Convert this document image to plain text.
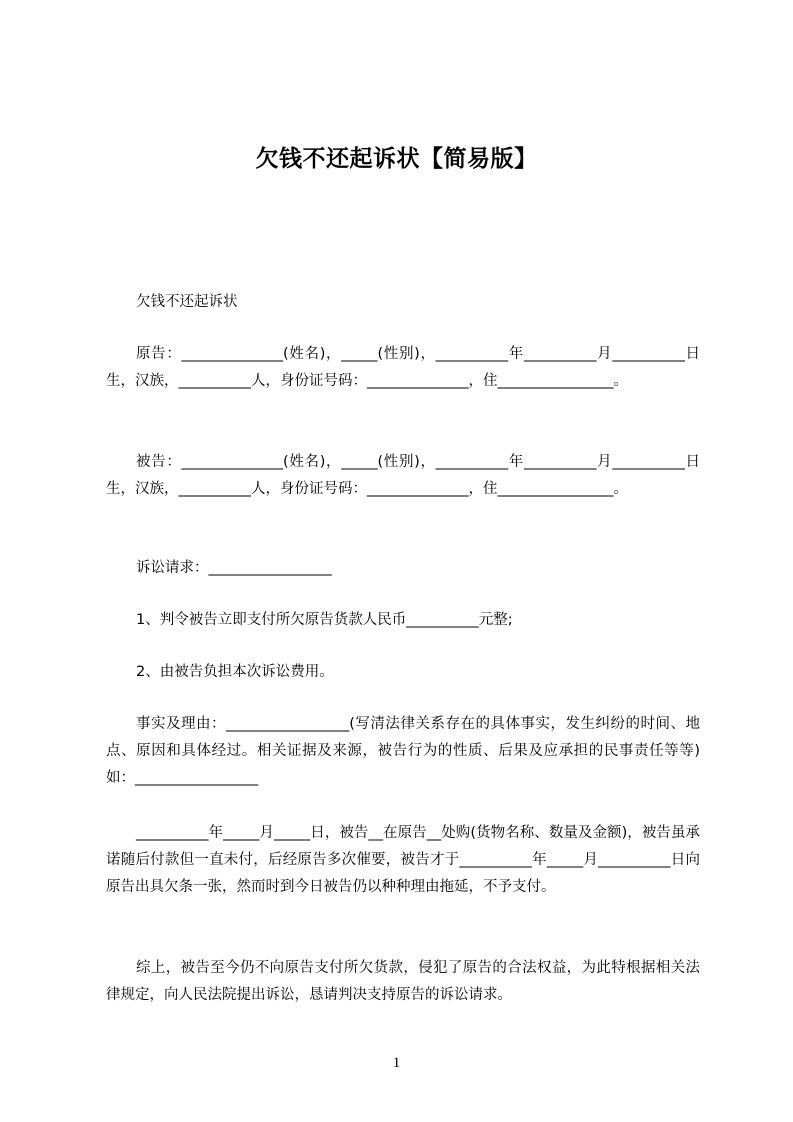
欠钱不还起诉状【简易版】
欠钱不还起诉状
原告：______________(姓名)，_____(性别)，__________年__________月__________日生，汉族，__________人，身份证号码：______________，住________________。
被告：______________(姓名)，_____(性别)，__________年__________月__________日生，汉族，__________人，身份证号码：______________，住________________。
诉讼请求：_________________
1、判令被告立即支付所欠原告货款人民币__________元整;
2、由被告负担本次诉讼费用。
事实及理由：_________________(写清法律关系存在的具体事实，发生纠纷的时间、地点、原因和具体经过。相关证据及来源，被告行为的性质、后果及应承担的民事责任等等)如：_________________
__________年_____月_____日，被告__在原告__处购(货物名称、数量及金额)，被告虽承诺随后付款但一直未付，后经原告多次催要，被告才于__________年_____月__________日向原告出具欠条一张，然而时到今日被告仍以种种理由拖延，不予支付。
综上，被告至今仍不向原告支付所欠货款，侵犯了原告的合法权益，为此特根据相关法律规定，向人民法院提出诉讼，恳请判决支持原告的诉讼请求。
1
